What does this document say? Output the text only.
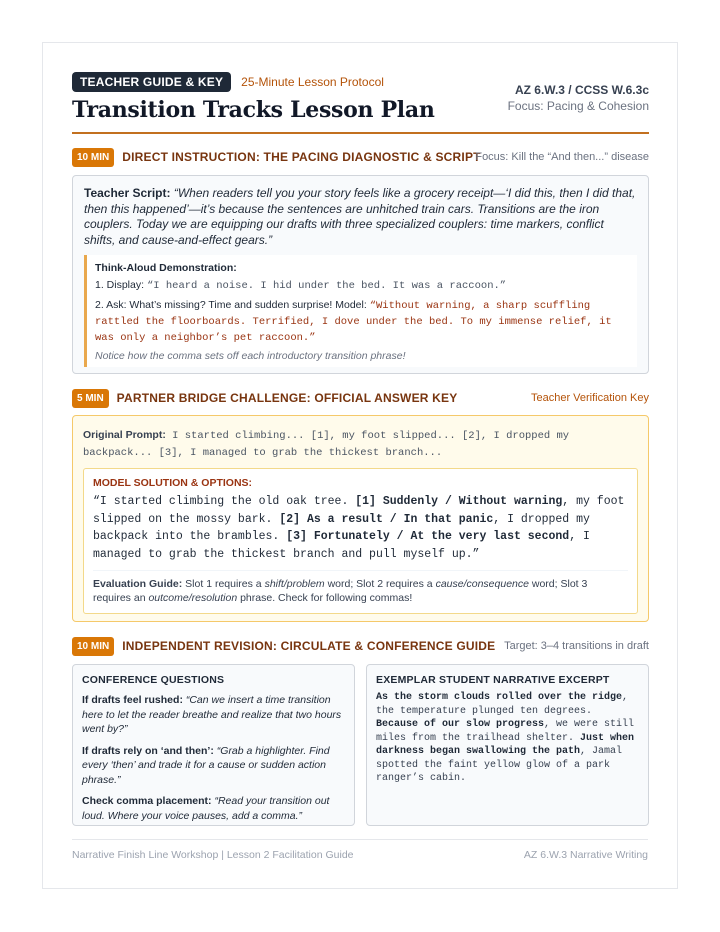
TEACHER GUIDE & KEY	25-Minute Lesson Protocol
Transition Tracks Lesson Plan
AZ 6.W.3 / CCSS W.6.3c
Focus: Pacing & Cohesion
10 MIN	DIRECT INSTRUCTION: THE PACING DIAGNOSTIC & SCRIPT
Focus: Kill the “And then...” disease

Teacher Script: “When readers tell you your story feels like a grocery receipt—‘I did this, then I did that, then this happened’—it’s because the sentences are unhitched train cars. Transitions are the iron couplers. Today we are equipping our drafts with three specialized couplers: time markers, conflict shifts, and cause-and-effect gears.”

Think-Aloud Demonstration:
1. Display: “I heard a noise. I hid under the bed. It was a raccoon.”
2. Ask: What’s missing? Time and sudden surprise! Model: “Without warning, a sharp scuffling rattled the floorboards. Terrified, I dove under the bed. To my immense relief, it was only a neighbor’s pet raccoon.”
Notice how the comma sets off each introductory transition phrase!
5 MIN	PARTNER BRIDGE CHALLENGE: OFFICIAL ANSWER KEY	Teacher Verification Key

Original Prompt: I started climbing... [1], my foot slipped... [2], I dropped my backpack... [3], I managed to grab the thickest branch...

MODEL SOLUTION & OPTIONS:

“I started climbing the old oak tree. [1] Suddenly / Without warning, my foot slipped on the mossy bark. [2] As a result / In that panic, I dropped my backpack into the brambles. [3] Fortunately / At the very last second, I managed to grab the thickest branch and pull myself up.”

Evaluation Guide: Slot 1 requires a shift/problem word; Slot 2 requires a cause/consequence word; Slot 3 requires an outcome/resolution phrase. Check for following commas!

10 MIN	INDEPENDENT REVISION: CIRCULATE & CONFERENCE GUIDE Target: 3–4 transitions in draft
CONFERENCE QUESTIONS

If drafts feel rushed: “Can we insert a time transition here to let the reader breathe and realize that two hours went by?”

If drafts rely on ‘and then’: “Grab a highlighter. Find every ‘then’ and trade it for a cause or sudden action phrase.”

Check comma placement: “Read your transition out loud. Where your voice pauses, add a comma.”

EXEMPLAR STUDENT NARRATIVE EXCERPT

As the storm clouds rolled over the ridge, the temperature plunged ten degrees. Because of our slow progress, we were still miles from the trailhead shelter. Just when darkness began swallowing the path, Jamal spotted the faint yellow glow of a park ranger’s cabin.

Narrative Finish Line Workshop | Lesson 2 Facilitation Guide	AZ 6.W.3 Narrative Writing
